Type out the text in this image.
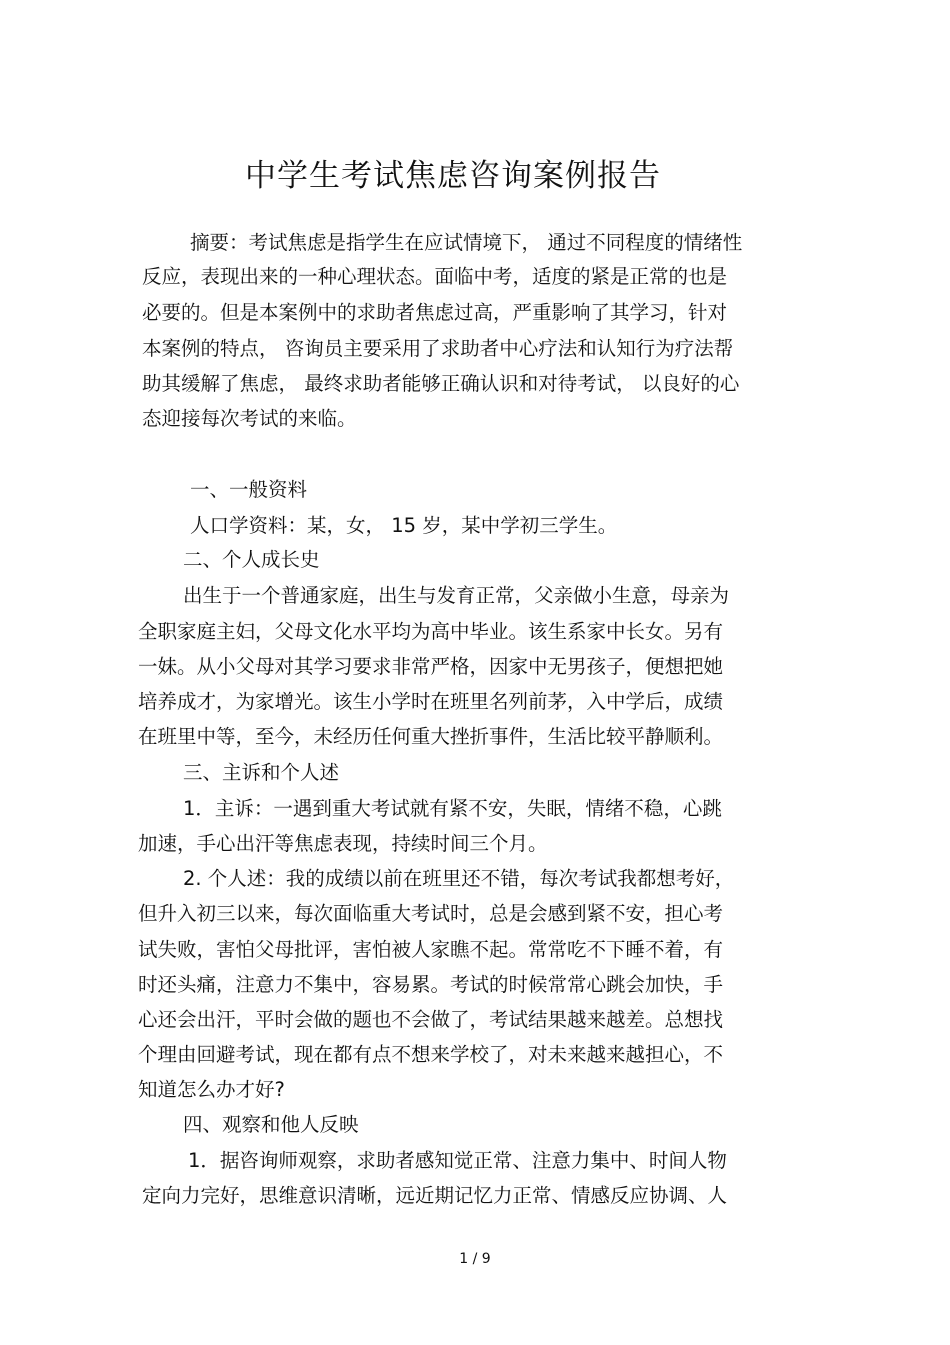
中学生考试焦虑咨询案例报告
摘要：考试焦虑是指学生在应试情境下， 通过不同程度的情绪性
反应，表现出来的一种心理状态。面临中考，适度的紧是正常的也是
必要的。但是本案例中的求助者焦虑过高，严重影响了其学习，针对
本案例的特点， 咨询员主要采用了求助者中心疗法和认知行为疗法帮
助其缓解了焦虑， 最终求助者能够正确认识和对待考试， 以良好的心
态迎接每次考试的来临。
一、一般资料
人口学资料：某，女， 15 岁，某中学初三学生。
二、个人成长史
出生于一个普通家庭，出生与发育正常，父亲做小生意，母亲为
全职家庭主妇，父母文化水平均为高中毕业。该生系家中长女。另有
一妹。从小父母对其学习要求非常严格，因家中无男孩子，便想把她
培养成才，为家增光。该生小学时在班里名列前茅，入中学后，成绩
在班里中等，至今，未经历任何重大挫折事件，生活比较平静顺利。
三、主诉和个人述
1．主诉：一遇到重大考试就有紧不安，失眠，情绪不稳，心跳
加速，手心出汗等焦虑表现，持续时间三个月。
2. 个人述：我的成绩以前在班里还不错，每次考试我都想考好，
但升入初三以来，每次面临重大考试时，总是会感到紧不安，担心考
试失败，害怕父母批评，害怕被人家瞧不起。常常吃不下睡不着，有
时还头痛，注意力不集中，容易累。考试的时候常常心跳会加快，手
心还会出汗，平时会做的题也不会做了，考试结果越来越差。总想找
个理由回避考试，现在都有点不想来学校了，对未来越来越担心，不
知道怎么办才好?
四、观察和他人反映
1．据咨询师观察，求助者感知觉正常、注意力集中、时间人物
定向力完好，思维意识清晰，远近期记忆力正常、情感反应协调、人
1 / 9
